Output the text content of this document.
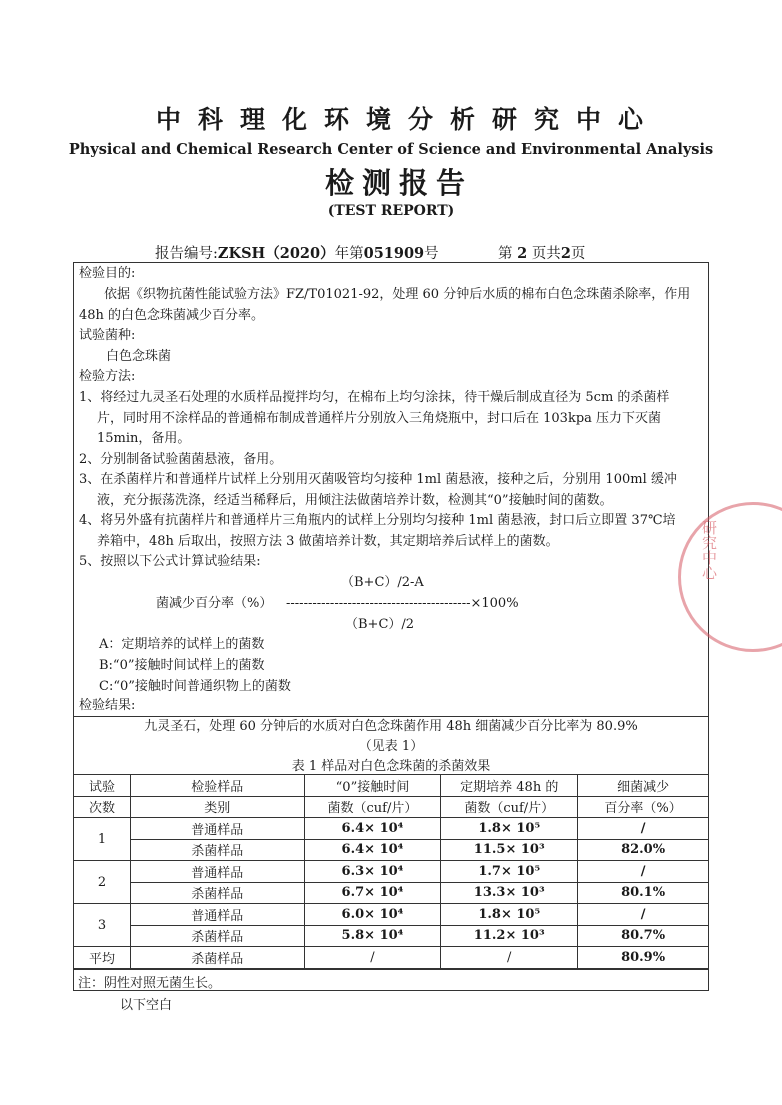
中科理化环境分析研究中心
Physical and Chemical Research Center of Science and Environmental Analysis
检测报告
(TEST REPORT)
报告编号:ZKSH（2020）年第051909号	第 2 页共2页
检验目的:
依据《织物抗菌性能试验方法》FZ/T01021-92，处理 60 分钟后水质的棉布白色念珠菌杀除率，作用
48h 的白色念珠菌减少百分率。
试验菌种:
白色念珠菌
检验方法:
1、将经过九灵圣石处理的水质样品搅拌均匀，在棉布上均匀涂抹，待干燥后制成直径为 5cm 的杀菌样
片，同时用不涂样品的普通棉布制成普通样片分别放入三角烧瓶中，封口后在 103kpa 压力下灭菌
15min，备用。
2、分别制备试验菌菌悬液，备用。
3、在杀菌样片和普通样片试样上分别用灭菌吸管均匀接种 1ml 菌悬液，接种之后，分别用 100ml 缓冲
液，充分振荡洗涤，经适当稀释后，用倾注法做菌培养计数，检测其“0”接触时间的菌数。
4、将另外盛有抗菌样片和普通样片三角瓶内的试样上分别均匀接种 1ml 菌悬液，封口后立即置 37℃培
养箱中，48h 后取出，按照方法 3 做菌培养计数，其定期培养后试样上的菌数。
5、按照以下公式计算试验结果:
（B+C）/2-A
菌减少百分率（%） ------------------------------------------×100%
（B+C）/2
A：定期培养的试样上的菌数
B:“0”接触时间试样上的菌数
C:“0”接触时间普通织物上的菌数
检验结果:
九灵圣石，处理 60 分钟后的水质对白色念珠菌作用 48h 细菌减少百分比率为 80.9%
（见表 1）
表 1 样品对白色念珠菌的杀菌效果
试验	检验样品	“0”接触时间	定期培养 48h 的	细菌减少
次数	类别	菌数（cuf/片）	菌数（cuf/片）	百分率（%）
1	普通样品	6.4× 10⁴	1.8× 10⁵	/
	杀菌样品	6.4× 10⁴	11.5× 10³	82.0%
2	普通样品	6.3× 10⁴	1.7× 10⁵	/
	杀菌样品	6.7× 10⁴	13.3× 10³	80.1%
3	普通样品	6.0× 10⁴	1.8× 10⁵	/
	杀菌样品	5.8× 10⁴	11.2× 10³	80.7%
平均	杀菌样品	/	/	80.9%
注：阴性对照无菌生长。
以下空白
研究中心
